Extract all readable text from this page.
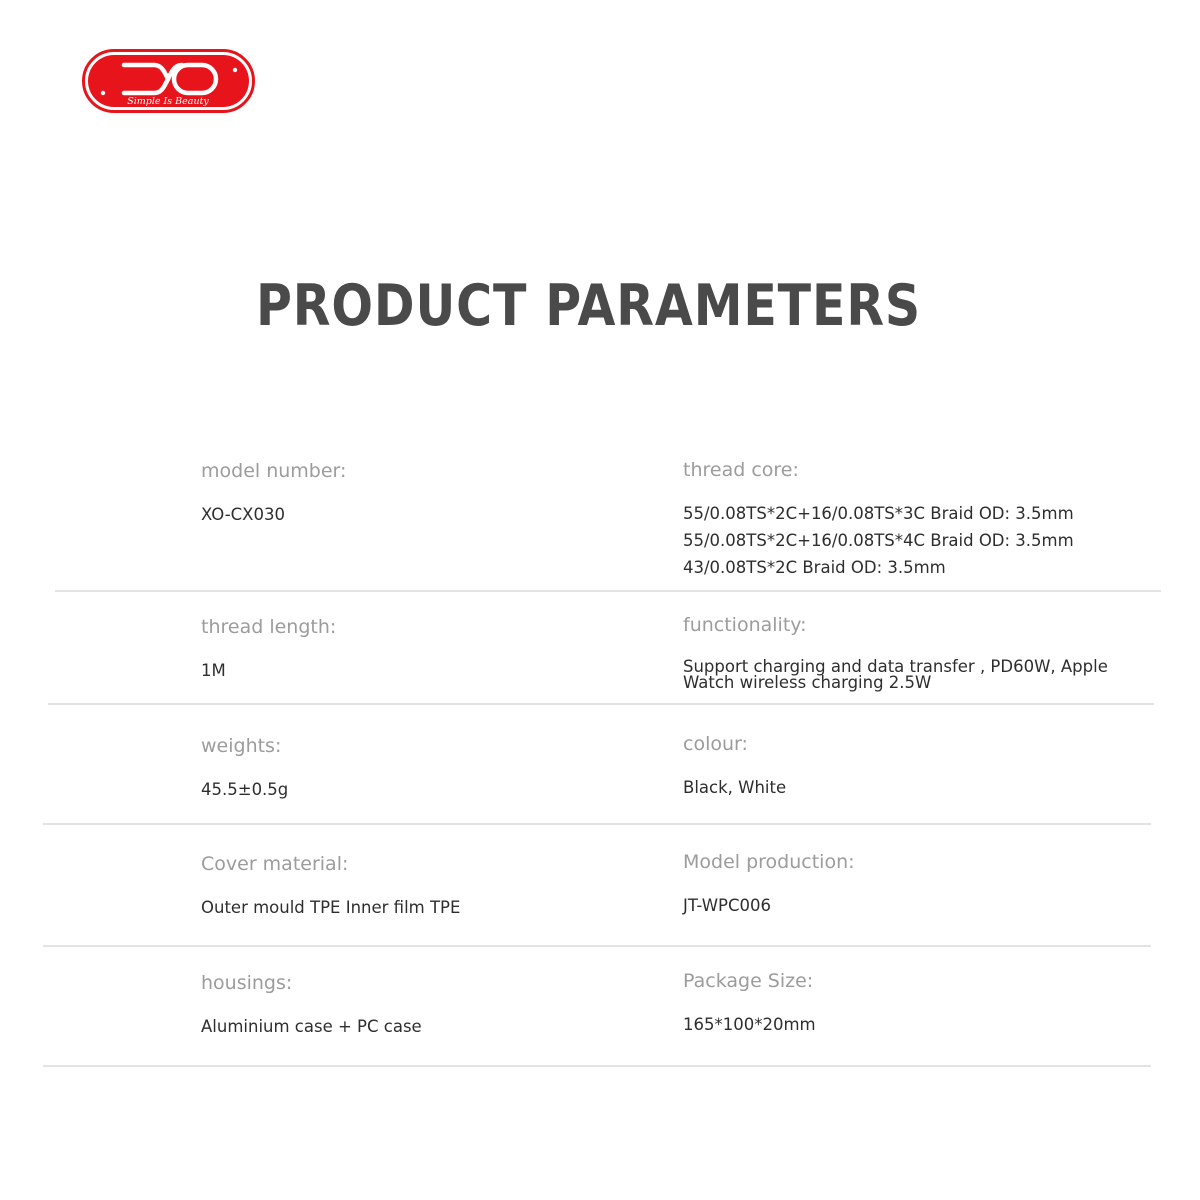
Simple Is Beauty
PRODUCT PARAMETERS
model number:
XO-CX030
thread core:
55/0.08TS*2C+16/0.08TS*3C Braid OD: 3.5mm
55/0.08TS*2C+16/0.08TS*4C Braid OD: 3.5mm
43/0.08TS*2C Braid OD: 3.5mm
thread length:
1M
functionality:
Support charging and data transfer , PD60W, Apple Watch wireless charging 2.5W
weights:
45.5±0.5g
colour:
Black, White
Cover material:
Outer mould TPE Inner film TPE
Model production:
JT-WPC006
housings:
Aluminium case + PC case
Package Size:
165*100*20mm
